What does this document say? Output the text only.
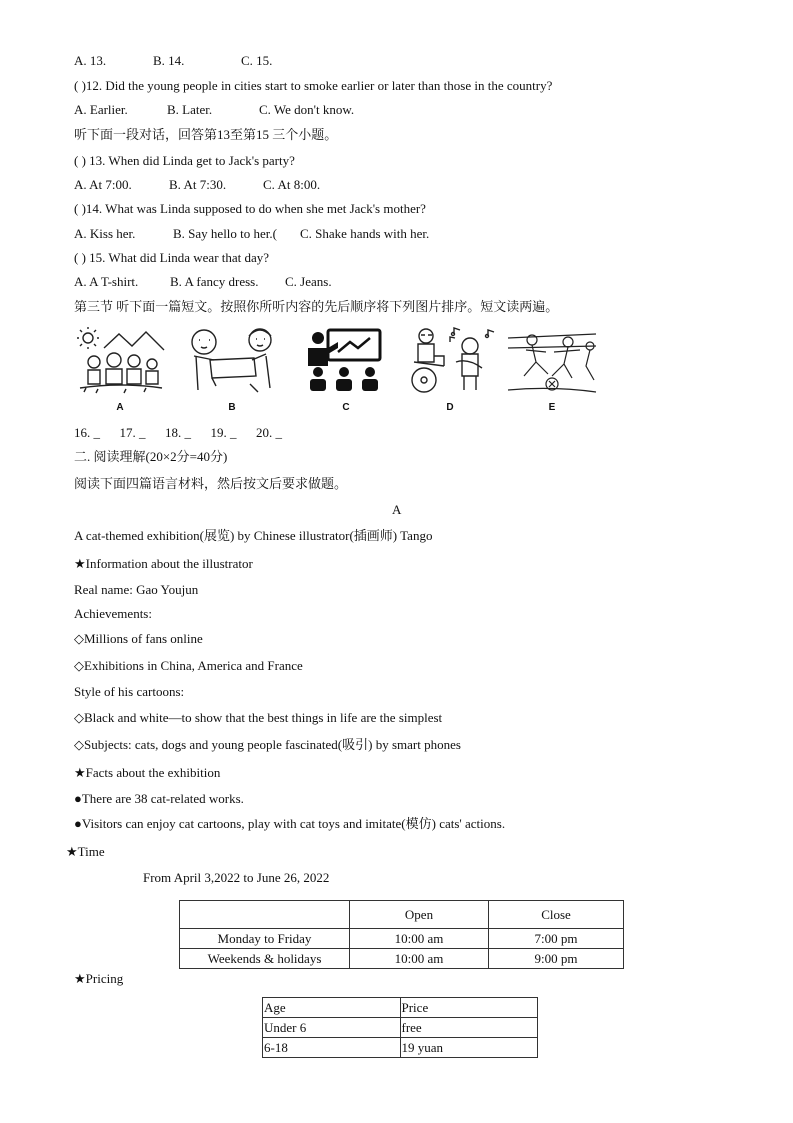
A. 13.	B. 14.	C. 15.
( )12. Did the young people in cities start to smoke earlier or later than those in the country?
A. Earlier.	B. Later.	C. We don't know.
听下面一段对话，回答第13至第15 三个小题。
( ) 13. When did Linda get to Jack's party?
A. At 7:00.	B. At 7:30.	C. At 8:00.
( )14. What was Linda supposed to do when she met Jack's mother?
A. Kiss her.	B. Say hello to her.( C. Shake hands with her.
( ) 15. What did Linda wear that day?
A. A T-shirt. B. A fancy dress. C. Jeans.
第三节 听下面一篇短文。按照你所听内容的先后顺序将下列图片排序。短文读两遍。
A	B	C	D	E
16. _      17. _      18. _      19. _      20. _
二. 阅读理解(20×2分=40分)
阅读下面四篇语言材料，然后按文后要求做题。
A
A cat-themed exhibition(展览) by Chinese illustrator(插画师) Tango
★Information about the illustrator
Real name: Gao Youjun
Achievements:
◇Millions of fans online
◇Exhibitions in China, America and France
Style of his cartoons:
◇Black and white—to show that the best things in life are the simplest
◇Subjects: cats, dogs and young people fascinated(吸引) by smart phones
★Facts about the exhibition
●There are 38 cat-related works.
●Visitors can enjoy cat cartoons, play with cat toys and imitate(模仿) cats' actions.
★Time
From April 3,2022 to June 26, 2022
	Open	Close
Monday to Friday	10:00 am	7:00 pm
Weekends & holidays	10:00 am	9:00 pm
★Pricing
Age	Price
Under 6	free
6-18	19 yuan
